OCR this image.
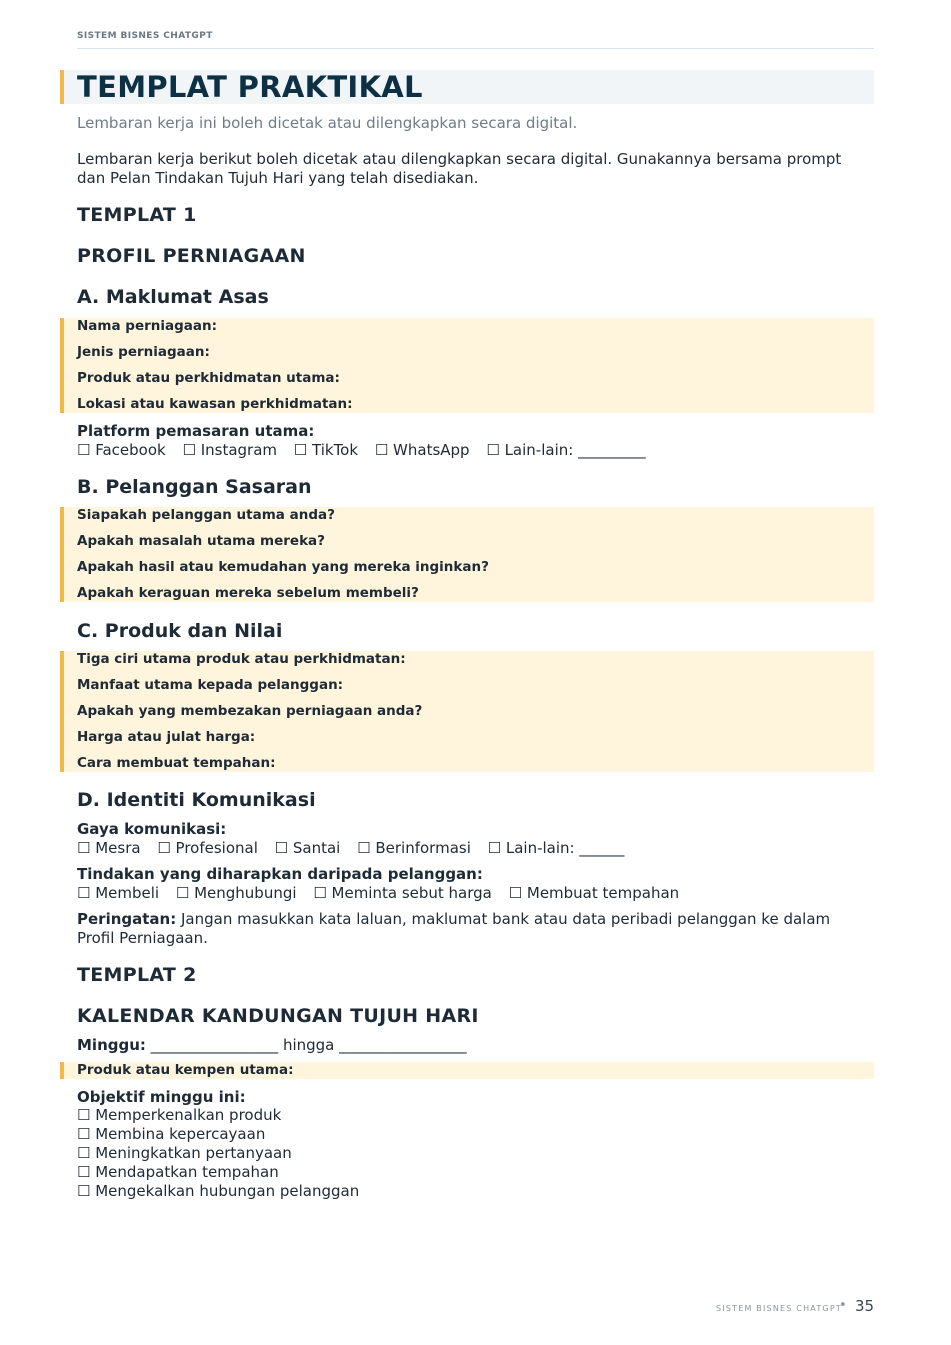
SISTEM BISNES CHATGPT
TEMPLAT PRAKTIKAL
Lembaran kerja ini boleh dicetak atau dilengkapkan secara digital.
Lembaran kerja berikut boleh dicetak atau dilengkapkan secara digital. Gunakannya bersama prompt dan Pelan Tindakan Tujuh Hari yang telah disediakan.
TEMPLAT 1
PROFIL PERNIAGAAN
A. Maklumat Asas
Nama perniagaan:
Jenis perniagaan:
Produk atau perkhidmatan utama:
Lokasi atau kawasan perkhidmatan:
Platform pemasaran utama:
☐ Facebook ☐ Instagram ☐ TikTok ☐ WhatsApp ☐ Lain-lain: _________
B. Pelanggan Sasaran
Siapakah pelanggan utama anda?
Apakah masalah utama mereka?
Apakah hasil atau kemudahan yang mereka inginkan?
Apakah keraguan mereka sebelum membeli?
C. Produk dan Nilai
Tiga ciri utama produk atau perkhidmatan:
Manfaat utama kepada pelanggan:
Apakah yang membezakan perniagaan anda?
Harga atau julat harga:
Cara membuat tempahan:
D. Identiti Komunikasi
Gaya komunikasi:
☐ Mesra ☐ Profesional ☐ Santai ☐ Berinformasi ☐ Lain-lain: ______
Tindakan yang diharapkan daripada pelanggan:
☐ Membeli ☐ Menghubungi ☐ Meminta sebut harga ☐ Membuat tempahan
Peringatan: Jangan masukkan kata laluan, maklumat bank atau data peribadi pelanggan ke dalam Profil Perniagaan.
TEMPLAT 2
KALENDAR KANDUNGAN TUJUH HARI
Minggu: _________________ hingga _________________
Produk atau kempen utama:
Objektif minggu ini:
☐ Memperkenalkan produk
☐ Membina kepercayaan
☐ Meningkatkan pertanyaan
☐ Mendapatkan tempahan
☐ Mengekalkan hubungan pelanggan
SISTEM BISNES CHATGPT
• 35
